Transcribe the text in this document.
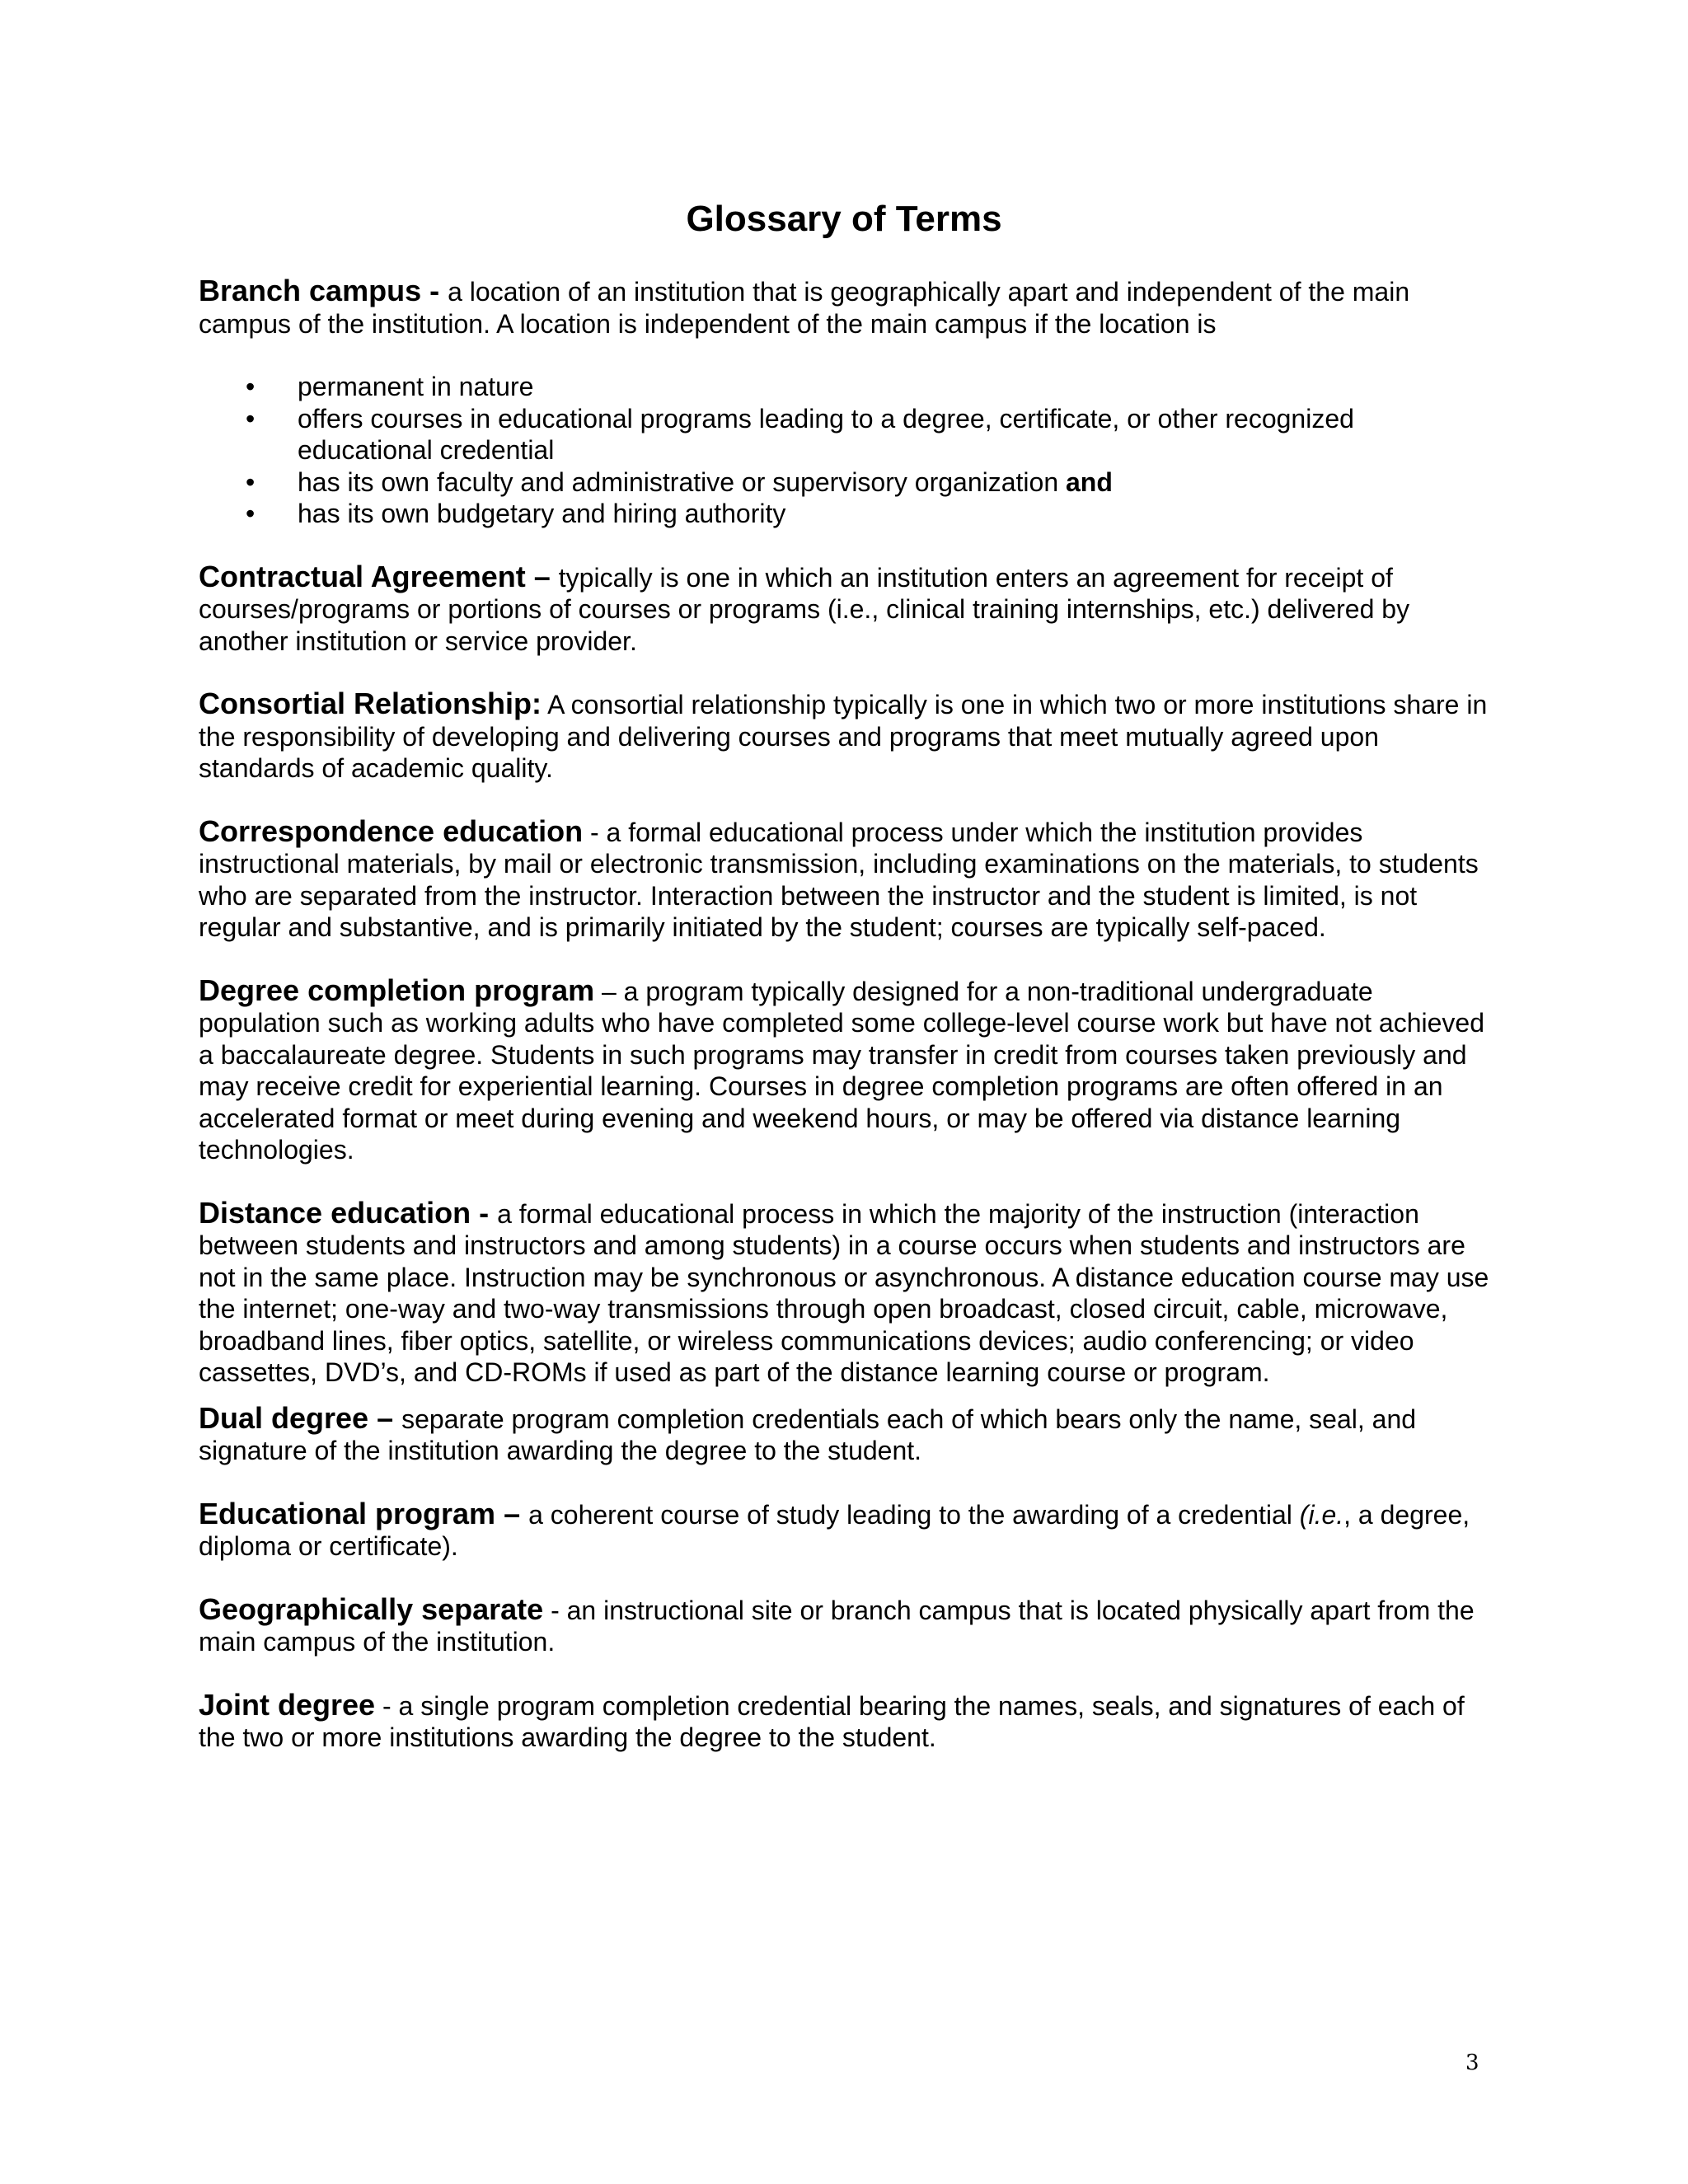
Glossary of Terms

Branch campus - a location of an institution that is geographically apart and independent of the main campus of the institution. A location is independent of the main campus if the location is

• permanent in nature
• offers courses in educational programs leading to a degree, certificate, or other recognized educational credential
• has its own faculty and administrative or supervisory organization and
• has its own budgetary and hiring authority

Contractual Agreement – typically is one in which an institution enters an agreement for receipt of courses/programs or portions of courses or programs (i.e., clinical training internships, etc.) delivered by another institution or service provider.

Consortial Relationship: A consortial relationship typically is one in which two or more institutions share in the responsibility of developing and delivering courses and programs that meet mutually agreed upon standards of academic quality.

Correspondence education - a formal educational process under which the institution provides instructional materials, by mail or electronic transmission, including examinations on the materials, to students who are separated from the instructor. Interaction between the instructor and the student is limited, is not regular and substantive, and is primarily initiated by the student; courses are typically self-paced.

Degree completion program – a program typically designed for a non-traditional undergraduate population such as working adults who have completed some college-level course work but have not achieved a baccalaureate degree. Students in such programs may transfer in credit from courses taken previously and may receive credit for experiential learning. Courses in degree completion programs are often offered in an accelerated format or meet during evening and weekend hours, or may be offered via distance learning technologies.

Distance education - a formal educational process in which the majority of the instruction (interaction between students and instructors and among students) in a course occurs when students and instructors are not in the same place. Instruction may be synchronous or asynchronous. A distance education course may use the internet; one-way and two-way transmissions through open broadcast, closed circuit, cable, microwave, broadband lines, fiber optics, satellite, or wireless communications devices; audio conferencing; or video cassettes, DVD’s, and CD-ROMs if used as part of the distance learning course or program.

Dual degree – separate program completion credentials each of which bears only the name, seal, and signature of the institution awarding the degree to the student.

Educational program – a coherent course of study leading to the awarding of a credential (i.e., a degree, diploma or certificate).

Geographically separate - an instructional site or branch campus that is located physically apart from the main campus of the institution.

Joint degree - a single program completion credential bearing the names, seals, and signatures of each of the two or more institutions awarding the degree to the student.

3
